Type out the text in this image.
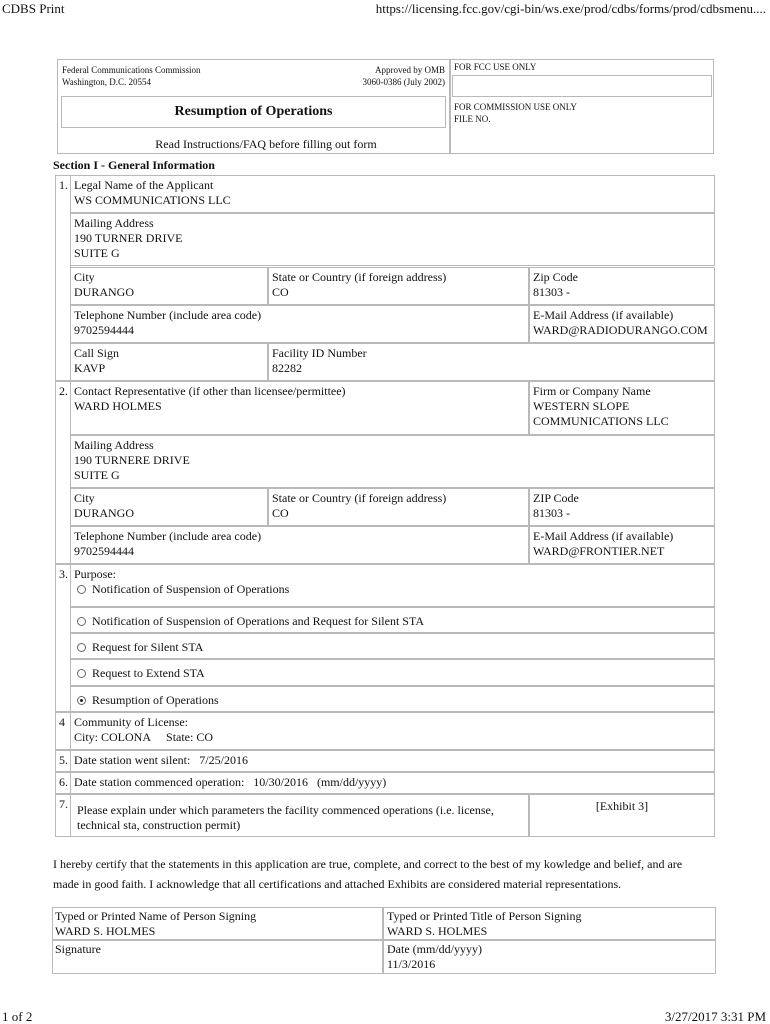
CDBS Print	https://licensing.fcc.gov/cgi-bin/ws.exe/prod/cdbs/forms/prod/cdbsmenu....
Federal Communications Commission
Washington, D.C. 20554
Approved by OMB
3060-0386 (July 2002)
Resumption of Operations
Read Instructions/FAQ before filling out form
FOR FCC USE ONLY
FOR COMMISSION USE ONLY
FILE NO.
Section I - General Information
1. Legal Name of the Applicant
WS COMMUNICATIONS LLC
Mailing Address
190 TURNER DRIVE
SUITE G
City
DURANGO
State or Country (if foreign address)
CO
Zip Code
81303 -
Telephone Number (include area code)
9702594444
E-Mail Address (if available)
WARD@RADIODURANGO.COM
Call Sign
KAVP
Facility ID Number
82282
2. Contact Representative (if other than licensee/permittee)
WARD HOLMES
Firm or Company Name
WESTERN SLOPE
COMMUNICATIONS LLC
Mailing Address
190 TURNERE DRIVE
SUITE G
City
DURANGO
State or Country (if foreign address)
CO
ZIP Code
81303 -
Telephone Number (include area code)
9702594444
E-Mail Address (if available)
WARD@FRONTIER.NET
3. Purpose:
Notification of Suspension of Operations
Notification of Suspension of Operations and Request for Silent STA
Request for Silent STA
Request to Extend STA
Resumption of Operations
4 Community of License:
City: COLONA State: CO
5. Date station went silent:   7/25/2016
6. Date station commenced operation:   10/30/2016   (mm/dd/yyyy)
7. Please explain under which parameters the facility commenced operations (i.e. license,
technical sta, construction permit)
[Exhibit 3]
I hereby certify that the statements in this application are true, complete, and correct to the best of my kowledge and belief, and are
made in good faith. I acknowledge that all certifications and attached Exhibits are considered material representations.
Typed or Printed Name of Person Signing
WARD S. HOLMES
Typed or Printed Title of Person Signing
WARD S. HOLMES
Signature	Date (mm/dd/yyyy)
11/3/2016
1 of 2	3/27/2017 3:31 PM
